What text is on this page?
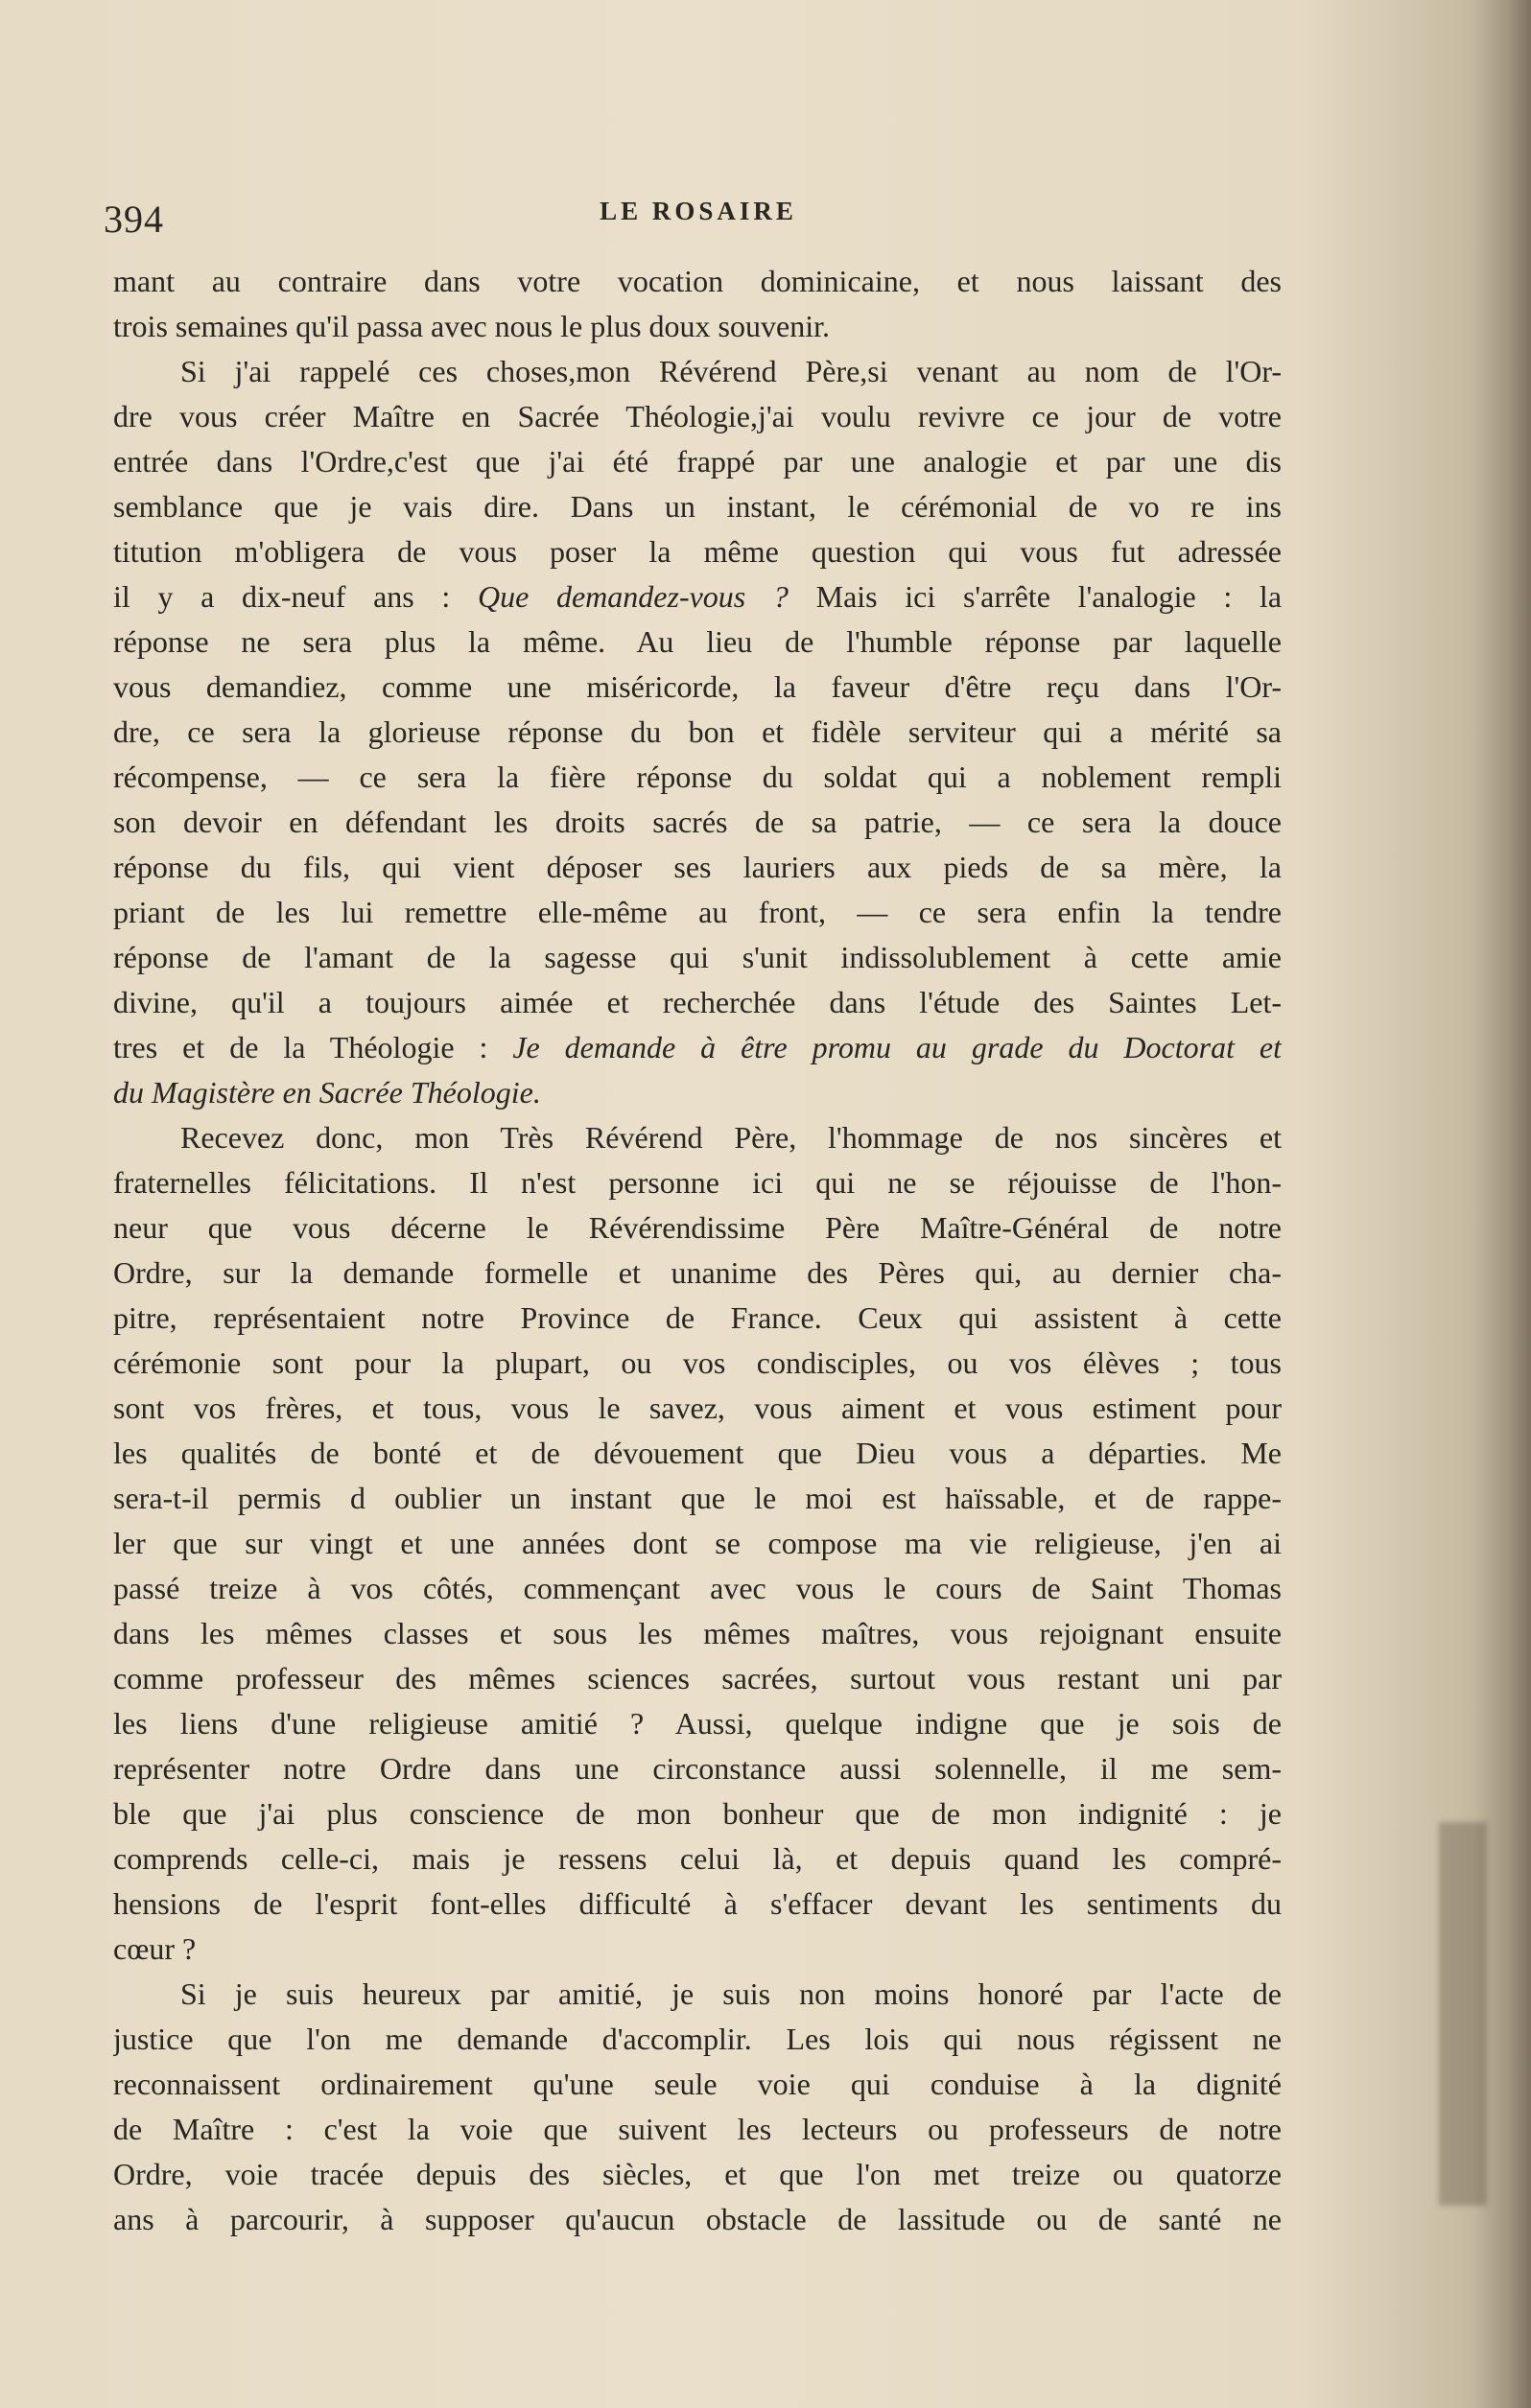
394	LE ROSAIRE
mant au contraire dans votre vocation dominicaine, et nous laissant des
trois semaines qu'il passa avec nous le plus doux souvenir.
Si j'ai rappelé ces choses,mon Révérend Père,si venant au nom de l'Or-
dre vous créer Maître en Sacrée Théologie,j'ai voulu revivre ce jour de votre
entrée dans l'Ordre,c'est que j'ai été frappé par une analogie et par une dis
semblance que je vais dire. Dans un instant, le cérémonial de vo re ins
titution m'obligera de vous poser la même question qui vous fut adressée
il y a dix-neuf ans : Que demandez-vous ? Mais ici s'arrête l'analogie : la
réponse ne sera plus la même. Au lieu de l'humble réponse par laquelle
vous demandiez, comme une miséricorde, la faveur d'être reçu dans l'Or-
dre, ce sera la glorieuse réponse du bon et fidèle serviteur qui a mérité sa
récompense, — ce sera la fière réponse du soldat qui a noblement rempli
son devoir en défendant les droits sacrés de sa patrie, — ce sera la douce
réponse du fils, qui vient déposer ses lauriers aux pieds de sa mère, la
priant de les lui remettre elle-même au front, — ce sera enfin la tendre
réponse de l'amant de la sagesse qui s'unit indissolublement à cette amie
divine, qu'il a toujours aimée et recherchée dans l'étude des Saintes Let-
tres et de la Théologie : Je demande à être promu au grade du Doctorat et
du Magistère en Sacrée Théologie.
Recevez donc, mon Très Révérend Père, l'hommage de nos sincères et
fraternelles félicitations. Il n'est personne ici qui ne se réjouisse de l'hon-
neur que vous décerne le Révérendissime Père Maître-Général de notre
Ordre, sur la demande formelle et unanime des Pères qui, au dernier cha-
pitre, représentaient notre Province de France. Ceux qui assistent à cette
cérémonie sont pour la plupart, ou vos condisciples, ou vos élèves ; tous
sont vos frères, et tous, vous le savez, vous aiment et vous estiment pour
les qualités de bonté et de dévouement que Dieu vous a départies. Me
sera-t-il permis d oublier un instant que le moi est haïssable, et de rappe-
ler que sur vingt et une années dont se compose ma vie religieuse, j'en ai
passé treize à vos côtés, commençant avec vous le cours de Saint Thomas
dans les mêmes classes et sous les mêmes maîtres, vous rejoignant ensuite
comme professeur des mêmes sciences sacrées, surtout vous restant uni par
les liens d'une religieuse amitié ? Aussi, quelque indigne que je sois de
représenter notre Ordre dans une circonstance aussi solennelle, il me sem-
ble que j'ai plus conscience de mon bonheur que de mon indignité : je
comprends celle-ci, mais je ressens celui là, et depuis quand les compré-
hensions de l'esprit font-elles difficulté à s'effacer devant les sentiments du
cœur ?
Si je suis heureux par amitié, je suis non moins honoré par l'acte de
justice que l'on me demande d'accomplir. Les lois qui nous régissent ne
reconnaissent ordinairement qu'une seule voie qui conduise à la dignité
de Maître : c'est la voie que suivent les lecteurs ou professeurs de notre
Ordre, voie tracée depuis des siècles, et que l'on met treize ou quatorze
ans à parcourir, à supposer qu'aucun obstacle de lassitude ou de santé ne
